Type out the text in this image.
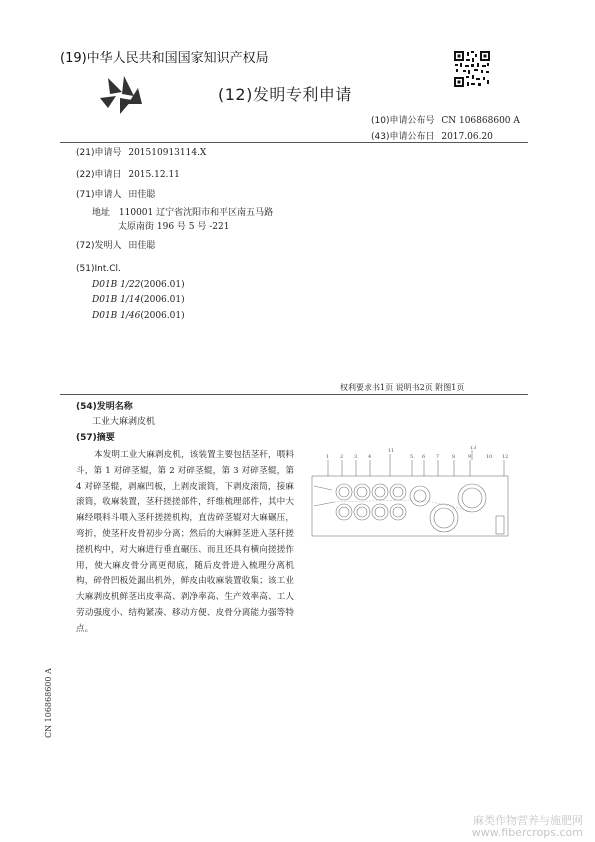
(19)中华人民共和国国家知识产权局
(12)发明专利申请
(10)申请公布号 CN 106868600 A
(43)申请公布日 2017.06.20
(21)申请号 201510913114.X
(22)申请日 2015.12.11
(71)申请人 田佳聪
地址 110001 辽宁省沈阳市和平区南五马路
太原南街 196 号 5 号 -221
(72)发明人 田佳聪
(51)Int.Cl.
D01B 1/22(2006.01)
D01B 1/14(2006.01)
D01B 1/46(2006.01)
权利要求书1页 说明书2页 附图1页
(54)发明名称
工业大麻剥皮机
(57)摘要
本发明工业大麻剥皮机，该装置主要包括茎秆，喂料斗，第 1 对碎茎辊，第 2 对碎茎辊，第 3 对碎茎辊，第 4 对碎茎辊，剥麻凹板，上剥皮滚筒，下剥皮滚筒，接麻滚筒，收麻装置，茎秆搓搓部件，纤维梳理部件，其中大麻经喂料斗喂入茎秆搓搓机构，直齿碎茎辊对大麻碾压，弯折，使茎秆皮骨初步分离；然后的大麻鲜茎进入茎秆搓搓机构中，对大麻进行垂直碾压、而且还具有横向搓搓作用，使大麻皮骨分离更彻底，随后皮骨进入梳理分离机构，碎骨凹板处漏出机外，鲜皮由收麻装置收集；该工业大麻剥皮机鲜茎出皮率高、剥净率高、生产效率高、工人劳动强度小、结构紧凑、移动方便、皮骨分离能力强等特点。
1 2 3 4
11
5 6 7	8	9
13
10 12
CN 106868600 A
麻类作物营养与施肥网
www.fibercrops.com
